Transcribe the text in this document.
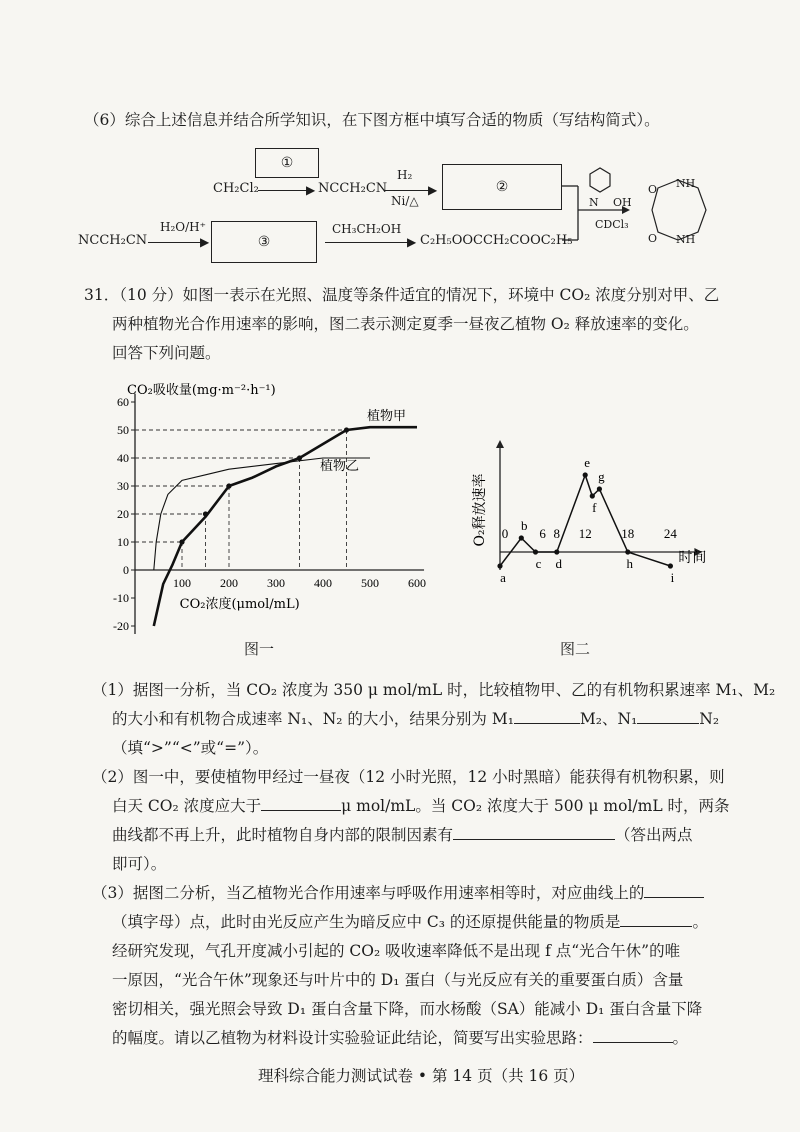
（6）综合上述信息并结合所学知识，在下图方框中填写合适的物质（写结构简式）。
①
CH₂Cl₂	▶ NCCH₂CN
H₂
▶
Ni/△
②
NCCH₂CN
H₂O/H⁺
▶	③
CH₃CH₂OH
▶ C₂H₅OOCCH₂COOC₂H₅
OH
N
CDCl₃
O
O
NH
NH
31．（10 分）如图一表示在光照、温度等条件适宜的情况下，环境中 CO₂ 浓度分别对甲、乙
两种植物光合作用速率的影响，图二表示测定夏季一昼夜乙植物 O₂ 释放速率的变化。
回答下列问题。
-20
-10
0
10
20
30
40
50
60
100 200 300 400 500 600
CO₂吸收量(mg·m⁻²·h⁻¹)
CO₂浓度(μmol/mL)
植物甲
植物乙
图一
O₂释放速率
时间
0 6 8 12 18 24
a
b
c d
e
f
g
h
i
图二
（1）据图一分析，当 CO₂ 浓度为 350 μ mol/mL 时，比较植物甲、乙的有机物积累速率 M₁、M₂
的大小和有机物合成速率 N₁、N₂ 的大小，结果分别为 M₁	M₂、N₁	N₂
（填“>”“<”或“=”）。
（2）图一中，要使植物甲经过一昼夜（12 小时光照，12 小时黑暗）能获得有机物积累，则
白天 CO₂ 浓度应大于	μ mol/mL。当 CO₂ 浓度大于 500 μ mol/mL 时，两条
曲线都不再上升，此时植物自身内部的限制因素有	（答出两点
即可）。
（3）据图二分析，当乙植物光合作用速率与呼吸作用速率相等时，对应曲线上的
（填字母）点，此时由光反应产生为暗反应中 C₃ 的还原提供能量的物质是	。
经研究发现，气孔开度减小引起的 CO₂ 吸收速率降低不是出现 f 点“光合午休”的唯
一原因，“光合午休”现象还与叶片中的 D₁ 蛋白（与光反应有关的重要蛋白质）含量
密切相关，强光照会导致 D₁ 蛋白含量下降，而水杨酸（SA）能减小 D₁ 蛋白含量下降
的幅度。请以乙植物为材料设计实验验证此结论，简要写出实验思路：	。
理科综合能力测试试卷 • 第 14 页（共 16 页）
